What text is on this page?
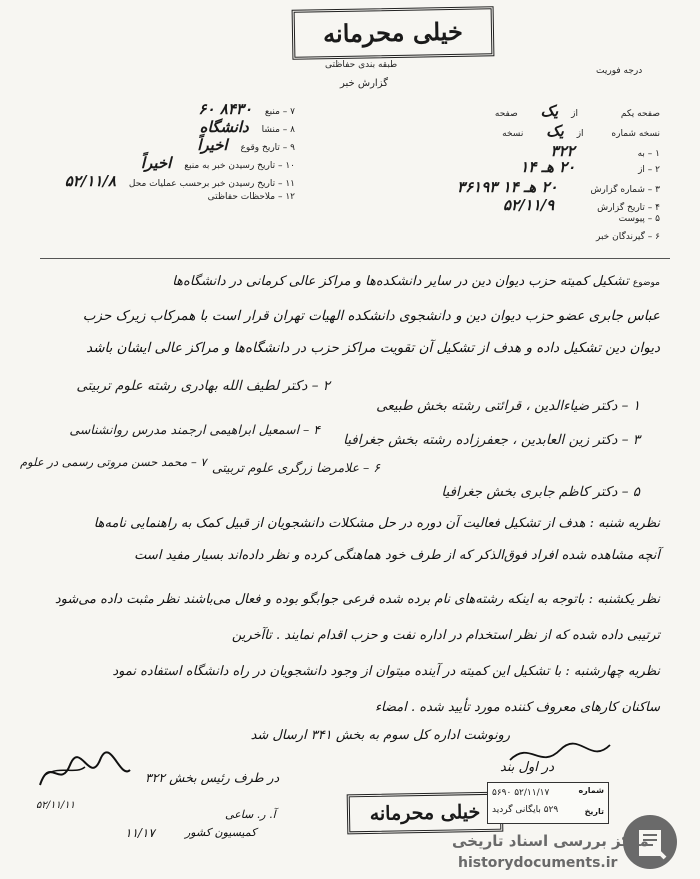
خیلی محرمانه
طبقه بندی حفاظتی
گزارش خبر
درجه فوریت
صفحه یکم از یک صفحه
نسخه شماره از یک نسخه
۱ – به ۳۲۲
۲ – از ۲۰ هـ ۱۴
۳ – شماره گزارش ۲۰ هـ ۱۴ ۳۶۱۹۳
۴ – تاریخ گزارش ۵۲/۱۱/۹
۵ – پیوست
۶ – گیرندگان خبر
۷ – منبع ۸۴۳۰ ۶۰
۸ – منشا دانشگاه
۹ – تاریخ وقوع اخیراً
۱۰ – تاریخ رسیدن خبر به منبع اخیراً
۱۱ – تاریخ رسیدن خبر برحسب عملیات محل ۵۲/۱۱/۸
۱۲ – ملاحظات حفاظتی
موضوع تشکیل کمیته حزب دیوان دین در سایر دانشکده‌ها و مراکز عالی کرمانی در دانشگاه‌ها
عباس جابری عضو حزب دیوان دین و دانشجوی دانشکده الهیات تهران قرار است با همرکاب زیرک حزب
دیوان دین تشکیل داده و هدف از تشکیل آن تقویت مراکز حزب در دانشگاه‌ها و مراکز عالی ایشان باشد
۱ – دکتر ضیاءالدین ، قرائتی رشته بخش طبیعی
۲ – دکتر لطیف الله بهادری رشته علوم تربیتی
۳ – دکتر زین العابدین ، جعفرزاده رشته بخش جغرافیا
۴ – اسمعیل ابراهیمی ارجمند مدرس روانشناسی
۵ – دکتر کاظم جابری بخش جغرافیا
۶ – علامرضا زرگری علوم تربیتی
۷ – محمد حسن مروتی رسمی در علوم
نظریه شنبه : هدف از تشکیل فعالیت آن دوره در حل مشکلات دانشجویان از قبیل کمک به راهنمایی نامه‌ها
آنچه مشاهده شده افراد فوق‌الذکر که از طرف خود هماهنگی کرده و نظر داده‌اند بسیار مفید است
نظر یکشنبه : باتوجه به اینکه رشته‌های نام برده شده فرعی جوابگو بوده و فعال می‌باشند نظر مثبت داده می‌شود
ترتیبی داده شده که از نظر استخدام در اداره نفت و حزب اقدام نمایند . تا‌آخرین
نظریه چهارشنبه : با تشکیل این کمیته در آینده میتوان از وجود دانشجویان در راه دانشگاه استفاده نمود
ساکنان کارهای معروف کننده مورد تأیید شده . امضاء
رونوشت اداره کل سوم به بخش ۳۴۱ ارسال شد
در اول بند
در طرف رئیس بخش ۳۲۲
آ. ر. ساعی
کمیسیون کشور
۱۱/۱۷
۵۲/۱۱/۱۱	خیلی محرمانه
شماره
تاریخ
۵۲/۱۱/۱۷ ۵۶۹۰
۵۲۹ بایگانی گردید
مرکز بررسی اسناد تاریخی
historydocuments.ir
